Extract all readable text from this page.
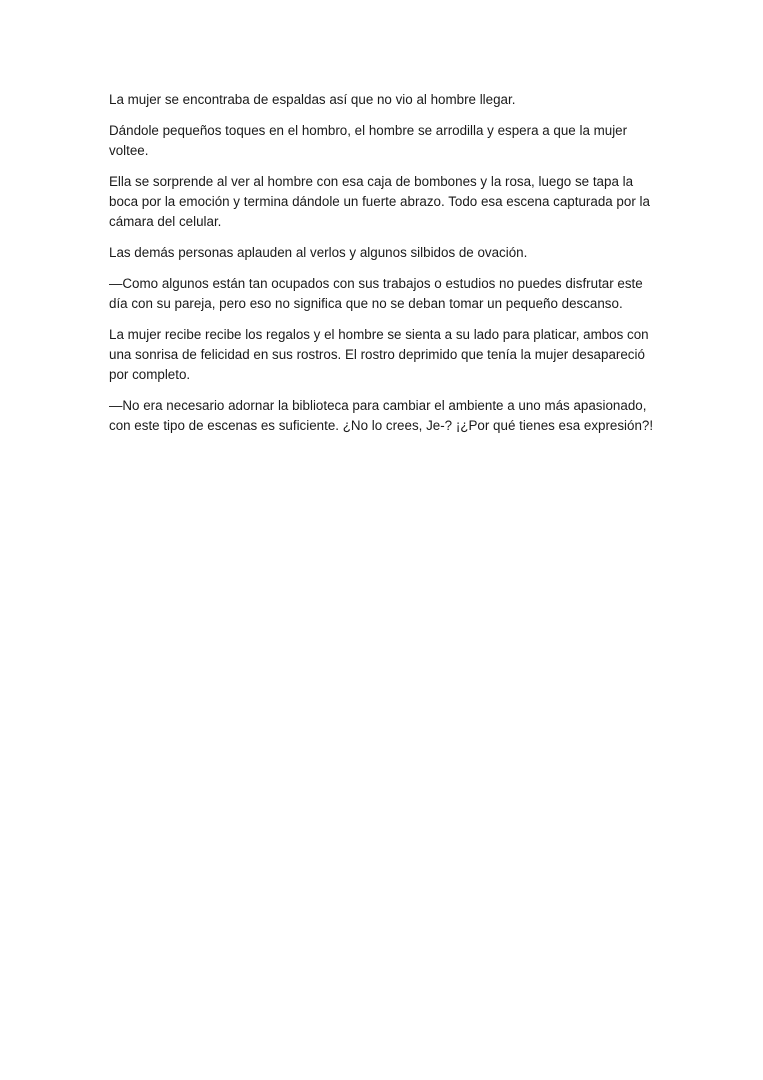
La mujer se encontraba de espaldas así que no vio al hombre llegar.

Dándole pequeños toques en el hombro, el hombre se arrodilla y espera a que la mujer voltee.

Ella se sorprende al ver al hombre con esa caja de bombones y la rosa, luego se tapa la boca por la emoción y termina dándole un fuerte abrazo. Todo esa escena capturada por la cámara del celular.

Las demás personas aplauden al verlos y algunos silbidos de ovación.

—Como algunos están tan ocupados con sus trabajos o estudios no puedes disfrutar este día con su pareja, pero eso no significa que no se deban tomar un pequeño descanso.

La mujer recibe recibe los regalos y el hombre se sienta a su lado para platicar, ambos con una sonrisa de felicidad en sus rostros. El rostro deprimido que tenía la mujer desapareció por completo.

—No era necesario adornar la biblioteca para cambiar el ambiente a uno más apasionado, con este tipo de escenas es suficiente. ¿No lo crees, Je-? ¡¿Por qué tienes esa expresión?!
